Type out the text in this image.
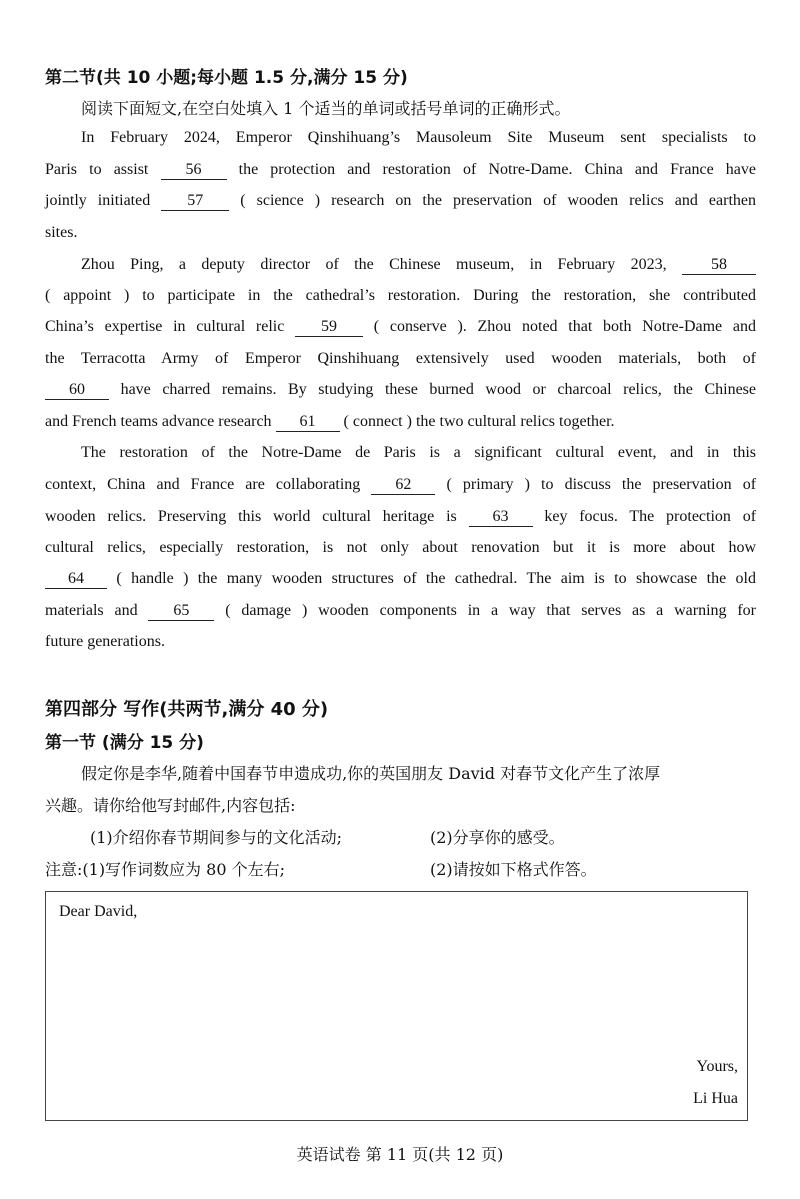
第二节(共 10 小题;每小题 1.5 分,满分 15 分)
阅读下面短文,在空白处填入 1 个适当的单词或括号单词的正确形式。
In February 2024, Emperor Qinshihuang’s Mausoleum Site Museum sent specialists to
Paris to assist 56 the protection and restoration of Notre-Dame. China and France have
jointly initiated 57 ( science ) research on the preservation of wooden relics and earthen
sites.
Zhou Ping, a deputy director of the Chinese museum, in February 2023,	58
( appoint ) to participate in the cathedral’s restoration. During the restoration, she contributed
China’s expertise in cultural relic 59 ( conserve ). Zhou noted that both Notre-Dame and
the Terracotta Army of Emperor Qinshihuang extensively used wooden materials, both of
60 have charred remains. By studying these burned wood or charcoal relics, the Chinese
and French teams advance research 61 ( connect ) the two cultural relics together.
The restoration of the Notre-Dame de Paris is a significant cultural event, and in this
context, China and France are collaborating 62 ( primary ) to discuss the preservation of
wooden relics. Preserving this world cultural heritage is 63 key focus. The protection of
cultural relics, especially restoration, is not only about renovation but it is more about how
64 ( handle ) the many wooden structures of the cathedral. The aim is to showcase the old
materials and 65 ( damage ) wooden components in a way that serves as a warning for
future generations.
第四部分 写作(共两节,满分 40 分)
第一节 (满分 15 分)
假定你是李华,随着中国春节申遗成功,你的英国朋友 David 对春节文化产生了浓厚
兴趣。请你给他写封邮件,内容包括:
(1)介绍你春节期间参与的文化活动;	(2)分享你的感受。
注意:(1)写作词数应为 80 个左右;	(2)请按如下格式作答。
Dear David,
Yours,
Li Hua
英语试卷 第 11 页(共 12 页)
